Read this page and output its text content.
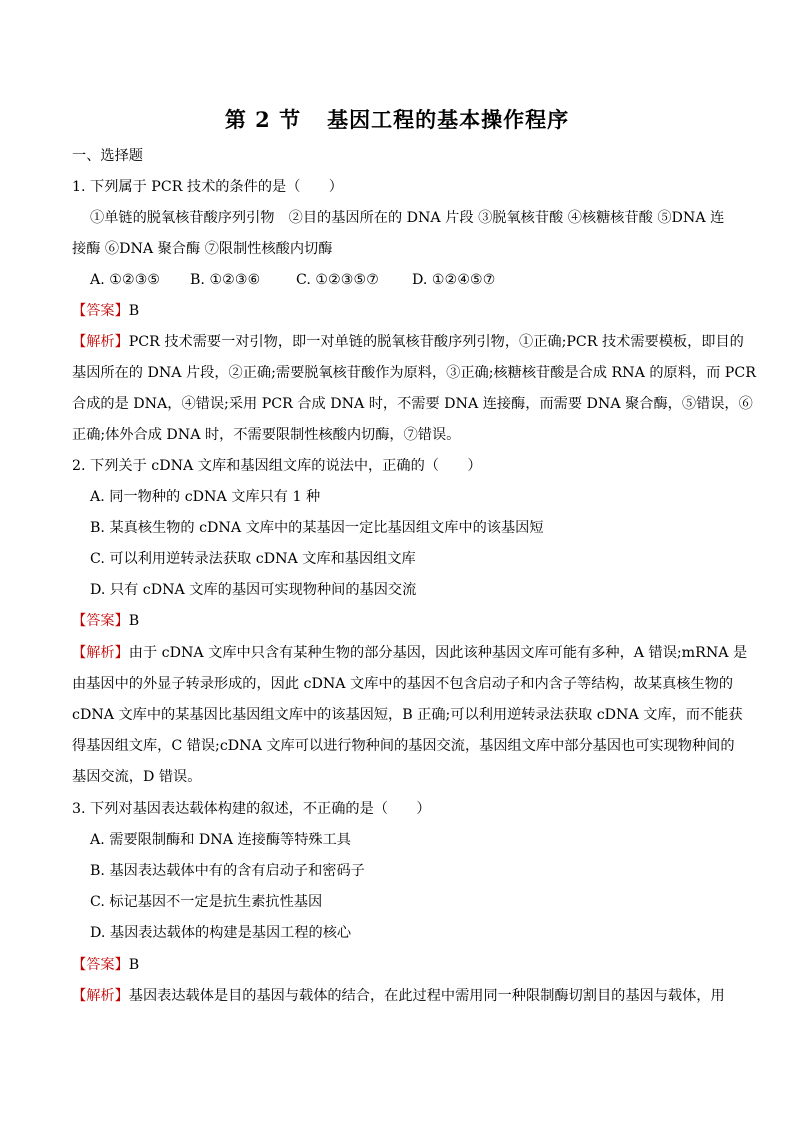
第 2 节 基因工程的基本操作程序
一、选择题
1. 下列属于 PCR 技术的条件的是（　　）
①单链的脱氧核苷酸序列引物　②目的基因所在的 DNA 片段 ③脱氧核苷酸 ④核糖核苷酸 ⑤DNA 连
接酶 ⑥DNA 聚合酶 ⑦限制性核酸内切酶
A. ①②③⑤ B. ①②③⑥	C. ①②③⑤⑦ D. ①②④⑤⑦
【答案】B
【解析】PCR 技术需要一对引物，即一对单链的脱氧核苷酸序列引物，①正确;PCR 技术需要模板，即目的
基因所在的 DNA 片段，②正确;需要脱氧核苷酸作为原料，③正确;核糖核苷酸是合成 RNA 的原料，而 PCR
合成的是 DNA，④错误;采用 PCR 合成 DNA 时，不需要 DNA 连接酶，而需要 DNA 聚合酶，⑤错误，⑥
正确;体外合成 DNA 时，不需要限制性核酸内切酶，⑦错误。
2. 下列关于 cDNA 文库和基因组文库的说法中，正确的（　　）
A. 同一物种的 cDNA 文库只有 1 种
B. 某真核生物的 cDNA 文库中的某基因一定比基因组文库中的该基因短
C. 可以利用逆转录法获取 cDNA 文库和基因组文库
D. 只有 cDNA 文库的基因可实现物种间的基因交流
【答案】B
【解析】由于 cDNA 文库中只含有某种生物的部分基因，因此该种基因文库可能有多种，A 错误;mRNA 是
由基因中的外显子转录形成的，因此 cDNA 文库中的基因不包含启动子和内含子等结构，故某真核生物的
cDNA 文库中的某基因比基因组文库中的该基因短，B 正确;可以利用逆转录法获取 cDNA 文库，而不能获
得基因组文库，C 错误;cDNA 文库可以进行物种间的基因交流，基因组文库中部分基因也可实现物种间的
基因交流，D 错误。
3. 下列对基因表达载体构建的叙述，不正确的是（　　）
A. 需要限制酶和 DNA 连接酶等特殊工具
B. 基因表达载体中有的含有启动子和密码子
C. 标记基因不一定是抗生素抗性基因
D. 基因表达载体的构建是基因工程的核心
【答案】B
【解析】基因表达载体是目的基因与载体的结合，在此过程中需用同一种限制酶切割目的基因与载体，用
